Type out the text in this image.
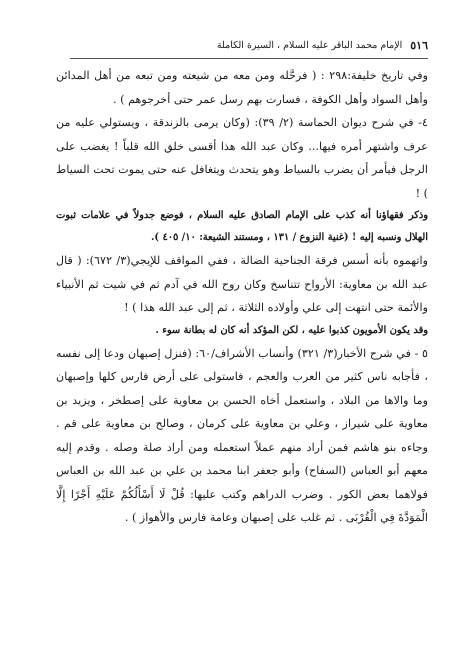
٥١٦
الإمام محمد الباقر عليه السلام ، السيرة الكاملة

وفي تاريخ خليفة:٢٩٨ : ( فرحَّله ومن معه من شيعته ومن تبعه من أهل المدائن وأهل السواد وأهل الكوفة ، فسارت بهم رسل عمر حتى أخرجوهم ) .

٤- في شرح ديوان الحماسة (٢/ ٣٩): (وكان يرمى بالزندقة ، ويستولي عليه من عرف واشتهر أمره فيها... وكان عبد الله هذا أقسى خلق الله قلباً ! يغضب على الرجل فيأمر أن يضرب بالسياط وهو يتحدث ويتغافل عنه حتى يموت تحت السياط ) !

وذكر فقهاؤنا أنه كذب على الإمام الصادق عليه السلام ، فوضع جدولاً في علامات ثبوت الهلال ونسبه إليه ! (غنية النزوع / ١٣١ ، ومستند الشيعة: ١٠/ ٤٠٥ ).

واتهموه بأنه أسس فرقة الجناحية الضالة ، ففي المواقف للإيجي(٣/ ٦٧٢): ( قال عبد الله بن معاوية: الأرواح تتناسخ وكان روح الله في آدم ثم في شيت ثم الأنبياء والأئمة حتى انتهت إلى علي وأولاده الثلاثة ، ثم إلى عبد الله هذا ) !

وقد يكون الأمويون كذبوا عليه ، لكن المؤكد أنه كان له بطانة سوء .

٥ - في شرح الأخبار(٣/ ٣٢١) وأنساب الأشراف/٦٠: (فنزل إصبهان ودعا إلى نفسه ، فأجابه ناس كثير من العرب والعجم ، فاستولى على أرض فارس كلها وإصبهان وما والاها من البلاد ، واستعمل أخاه الحسن بن معاوية على إصطخر ، ويزيد بن معاوية على شيراز ، وعلي بن معاوية على كرمان ، وصالح بن معاوية على قم . وجاءه بنو هاشم فمن أراد منهم عملاً استعمله ومن أراد صلة وصله . وقدم إليه معهم أبو العباس (السفاح) وأبو جعفر ابنا محمد بن علي بن عبد الله بن العباس فولاهما بعض الكور . وضرب الدراهم وكتب عليها: قُلْ لَا أَسْأَلُكُمْ عَلَيْهِ أَجْرًا إِلَّا الْمَوَدَّةَ فِي الْقُرْبَى . ثم غلب على إصبهان وعامة فارس والأهواز ) .
